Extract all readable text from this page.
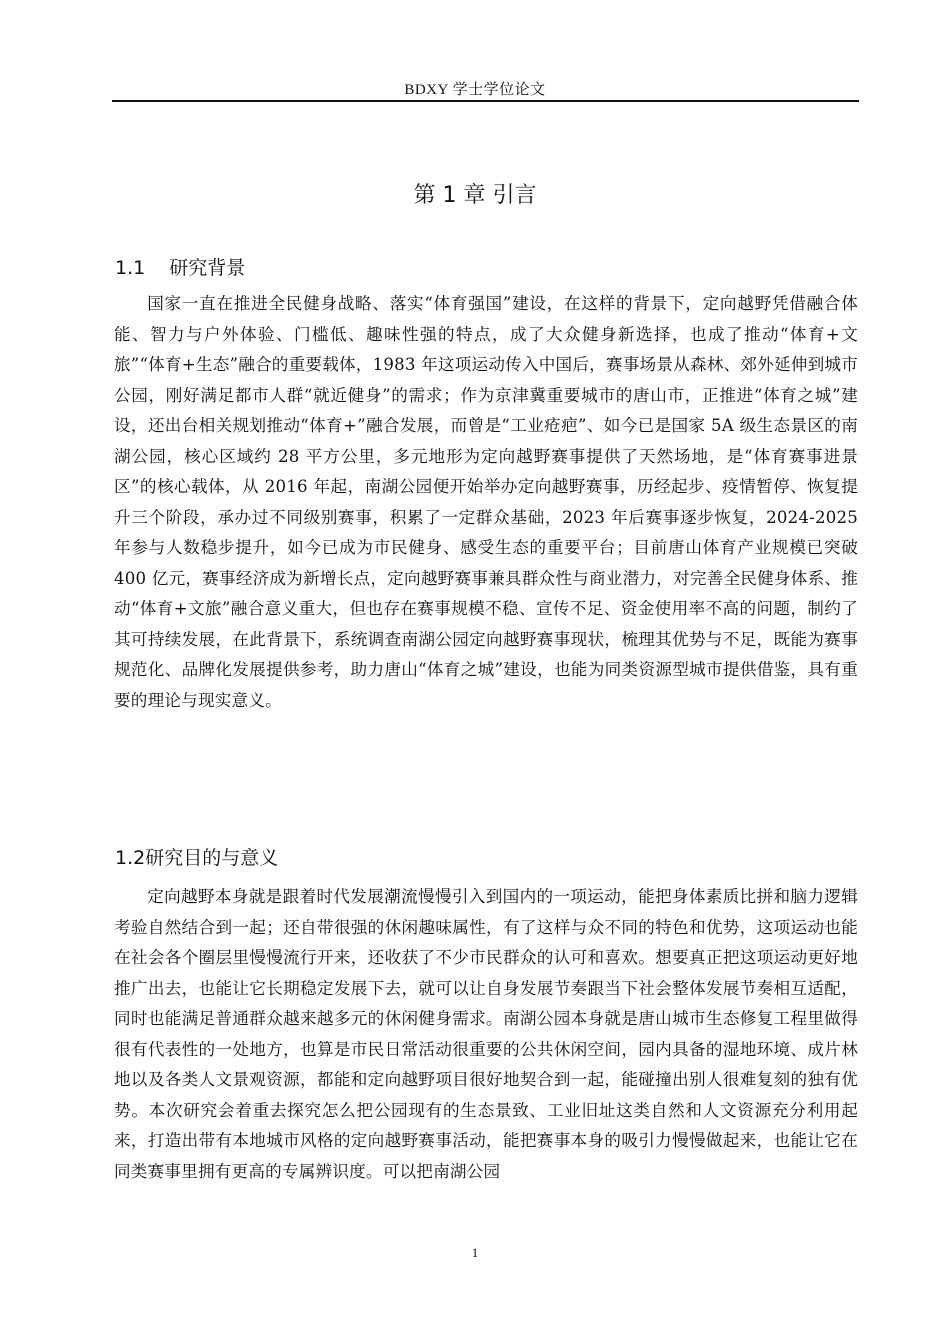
BDXY 学士学位论文
第 1 章 引言
1.1 研究背景

国家一直在推进全民健身战略、落实“体育强国”建设，在这样的背景下，定向越野凭借融合体能、智力与户外体验、门槛低、趣味性强的特点，成了大众健身新选择，也成了推动“体育+文旅”“体育+生态”融合的重要载体，1983 年这项运动传入中国后，赛事场景从森林、郊外延伸到城市公园，刚好满足都市人群“就近健身”的需求；作为京津冀重要城市的唐山市，正推进“体育之城”建设，还出台相关规划推动“体育+”融合发展，而曾是“工业疮疤”、如今已是国家 5A 级生态景区的南湖公园，核心区域约 28 平方公里，多元地形为定向越野赛事提供了天然场地，是“体育赛事进景区”的核心载体，从 2016 年起，南湖公园便开始举办定向越野赛事，历经起步、疫情暂停、恢复提升三个阶段，承办过不同级别赛事，积累了一定群众基础，2023 年后赛事逐步恢复，2024-2025 年参与人数稳步提升，如今已成为市民健身、感受生态的重要平台；目前唐山体育产业规模已突破 400 亿元，赛事经济成为新增长点，定向越野赛事兼具群众性与商业潜力，对完善全民健身体系、推动“体育+文旅”融合意义重大，但也存在赛事规模不稳、宣传不足、资金使用率不高的问题，制约了其可持续发展，在此背景下，系统调查南湖公园定向越野赛事现状，梳理其优势与不足，既能为赛事规范化、品牌化发展提供参考，助力唐山“体育之城”建设，也能为同类资源型城市提供借鉴，具有重要的理论与现实意义。

1.2研究目的与意义

定向越野本身就是跟着时代发展潮流慢慢引入到国内的一项运动，能把身体素质比拼和脑力逻辑考验自然结合到一起；还自带很强的休闲趣味属性，有了这样与众不同的特色和优势，这项运动也能在社会各个圈层里慢慢流行开来，还收获了不少市民群众的认可和喜欢。想要真正把这项运动更好地推广出去，也能让它长期稳定发展下去，就可以让自身发展节奏跟当下社会整体发展节奏相互适配，同时也能满足普通群众越来越多元的休闲健身需求。南湖公园本身就是唐山城市生态修复工程里做得很有代表性的一处地方，也算是市民日常活动很重要的公共休闲空间，园内具备的湿地环境、成片林地以及各类人文景观资源，都能和定向越野项目很好地契合到一起，能碰撞出别人很难复刻的独有优势。本次研究会着重去探究怎么把公园现有的生态景致、工业旧址这类自然和人文资源充分利用起来，打造出带有本地城市风格的定向越野赛事活动，能把赛事本身的吸引力慢慢做起来，也能让它在同类赛事里拥有更高的专属辨识度。可以把南湖公园

1
